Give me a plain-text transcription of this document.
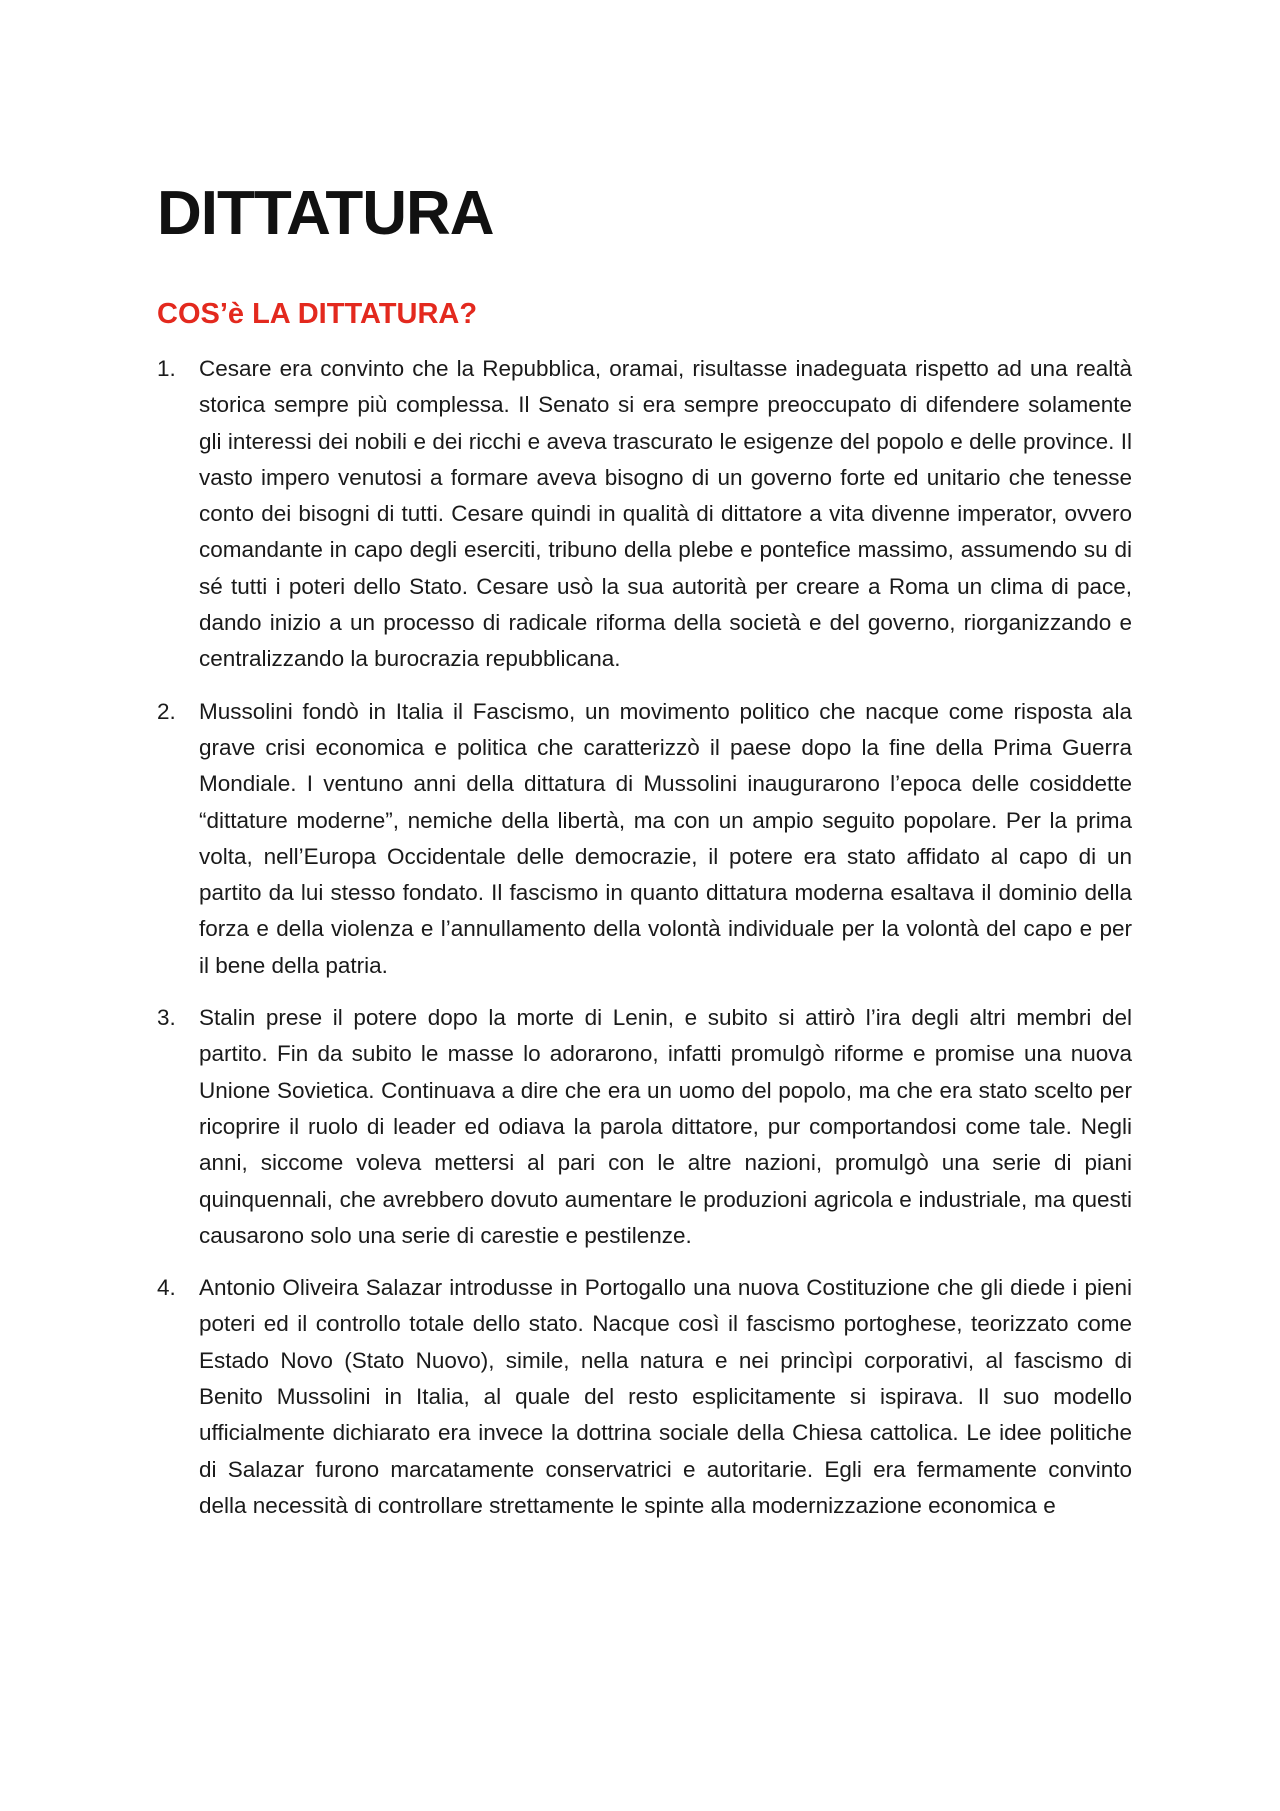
DITTATURA
COS’è LA DITTATURA?
1. Cesare era convinto che la Repubblica, oramai, risultasse inadeguata rispetto ad una realtà storica sempre più complessa. Il Senato si era sempre preoccupato di difendere solamente gli interessi dei nobili e dei ricchi e aveva trascurato le esigenze del popolo e delle province. Il vasto impero venutosi a formare aveva bisogno di un governo forte ed unitario che tenesse conto dei bisogni di tutti. Cesare quindi in qualità di dittatore a vita divenne imperator, ovvero comandante in capo degli eserciti, tribuno della plebe e pontefice massimo, assumendo su di sé tutti i poteri dello Stato. Cesare usò la sua autorità per creare a Roma un clima di pace, dando inizio a un processo di radicale riforma della società e del governo, riorganizzando e centralizzando la burocrazia repubblicana.

2. Mussolini fondò in Italia il Fascismo, un movimento politico che nacque come risposta ala grave crisi economica e politica che caratterizzò il paese dopo la fine della Prima Guerra Mondiale. I ventuno anni della dittatura di Mussolini inaugurarono l’epoca delle cosiddette “dittature moderne”, nemiche della libertà, ma con un ampio seguito popolare. Per la prima volta, nell’Europa Occidentale delle democrazie, il potere era stato affidato al capo di un partito da lui stesso fondato. Il fascismo in quanto dittatura moderna esaltava il dominio della forza e della violenza e l’annullamento della volontà individuale per la volontà del capo e per il bene della patria.

3. Stalin prese il potere dopo la morte di Lenin, e subito si attirò l’ira degli altri membri del partito. Fin da subito le masse lo adorarono, infatti promulgò riforme e promise una nuova Unione Sovietica. Continuava a dire che era un uomo del popolo, ma che era stato scelto per ricoprire il ruolo di leader ed odiava la parola dittatore, pur comportandosi come tale. Negli anni, siccome voleva mettersi al pari con le altre nazioni, promulgò una serie di piani quinquennali, che avrebbero dovuto aumentare le produzioni agricola e industriale, ma questi causarono solo una serie di carestie e pestilenze.

4. Antonio Oliveira Salazar introdusse in Portogallo una nuova Costituzione che gli diede i pieni poteri ed il controllo totale dello stato. Nacque così il fascismo portoghese, teorizzato come Estado Novo (Stato Nuovo), simile, nella natura e nei princìpi corporativi, al fascismo di Benito Mussolini in Italia, al quale del resto esplicitamente si ispirava. Il suo modello ufficialmente dichiarato era invece la dottrina sociale della Chiesa cattolica. Le idee politiche di Salazar furono marcatamente conservatrici e autoritarie. Egli era fermamente convinto della necessità di controllare strettamente le spinte alla modernizzazione economica e
